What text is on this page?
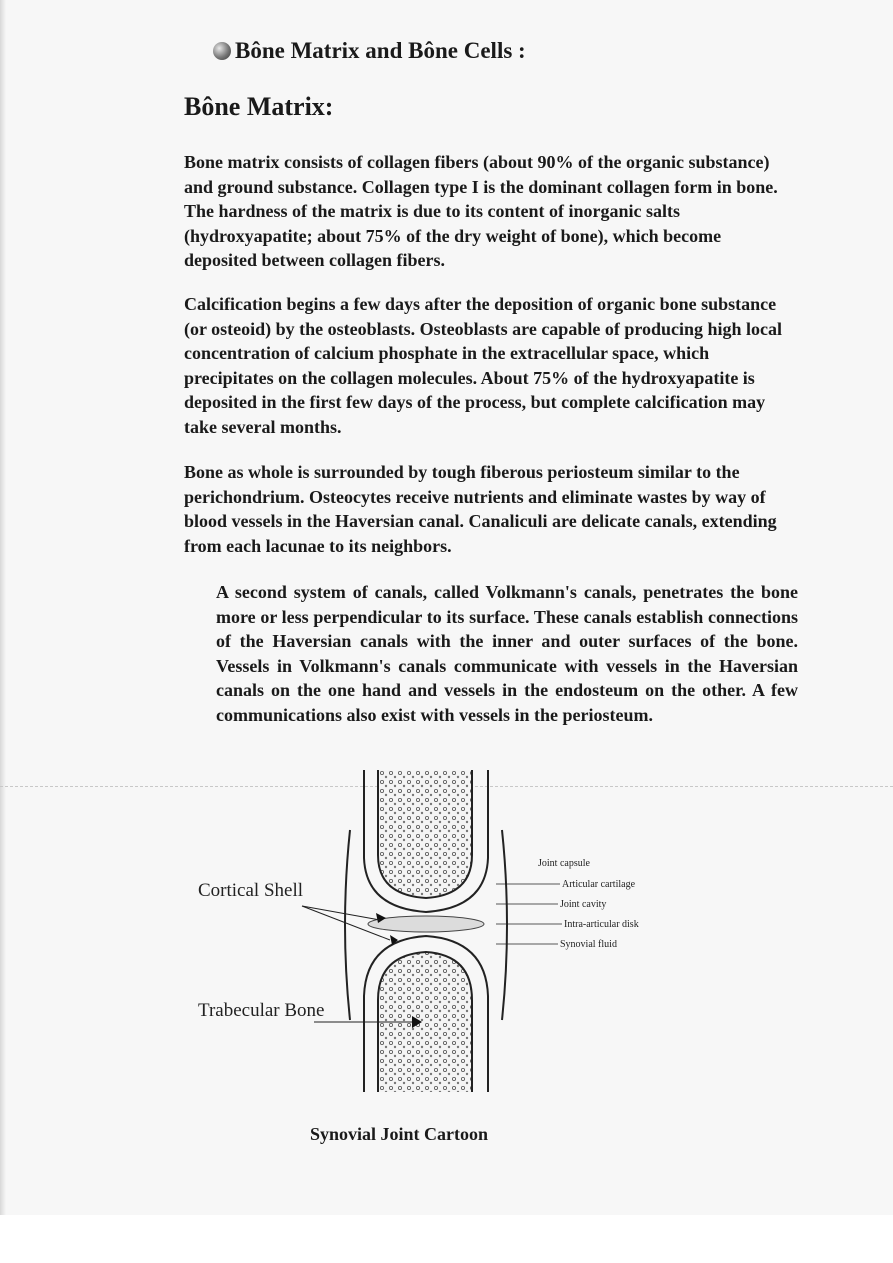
Bône Matrix and Bône Cells :
Bône Matrix:

Bone matrix consists of collagen fibers (about 90% of the organic substance) and ground substance. Collagen type I is the dominant collagen form in bone. The hardness of the matrix is due to its content of inorganic salts (hydroxyapatite; about 75% of the dry weight of bone), which become deposited between collagen fibers.

Calcification begins a few days after the deposition of organic bone substance (or osteoid) by the osteoblasts. Osteoblasts are capable of producing high local concentration of calcium phosphate in the extracellular space, which precipitates on the collagen molecules. About 75% of the hydroxyapatite is deposited in the first few days of the process, but complete calcification may take several months.

Bone as whole is surrounded by tough fiberous periosteum similar to the perichondrium. Osteocytes receive nutrients and eliminate wastes by way of blood vessels in the Haversian canal. Canaliculi are delicate canals, extending from each lacunae to its neighbors.

A second system of canals, called Volkmann's canals, penetrates the bone more or less perpendicular to its surface. These canals establish connections of the Haversian canals with the inner and outer surfaces of the bone. Vessels in Volkmann's canals communicate with vessels in the Haversian canals on the one hand and vessels in the endosteum on the other. A few communications also exist with vessels in the periosteum.

Cortical Shell
Trabecular Bone
Joint capsule
Articular cartilage
Joint cavity
Intra-articular disk
Synovial fluid
Synovial Joint Cartoon
